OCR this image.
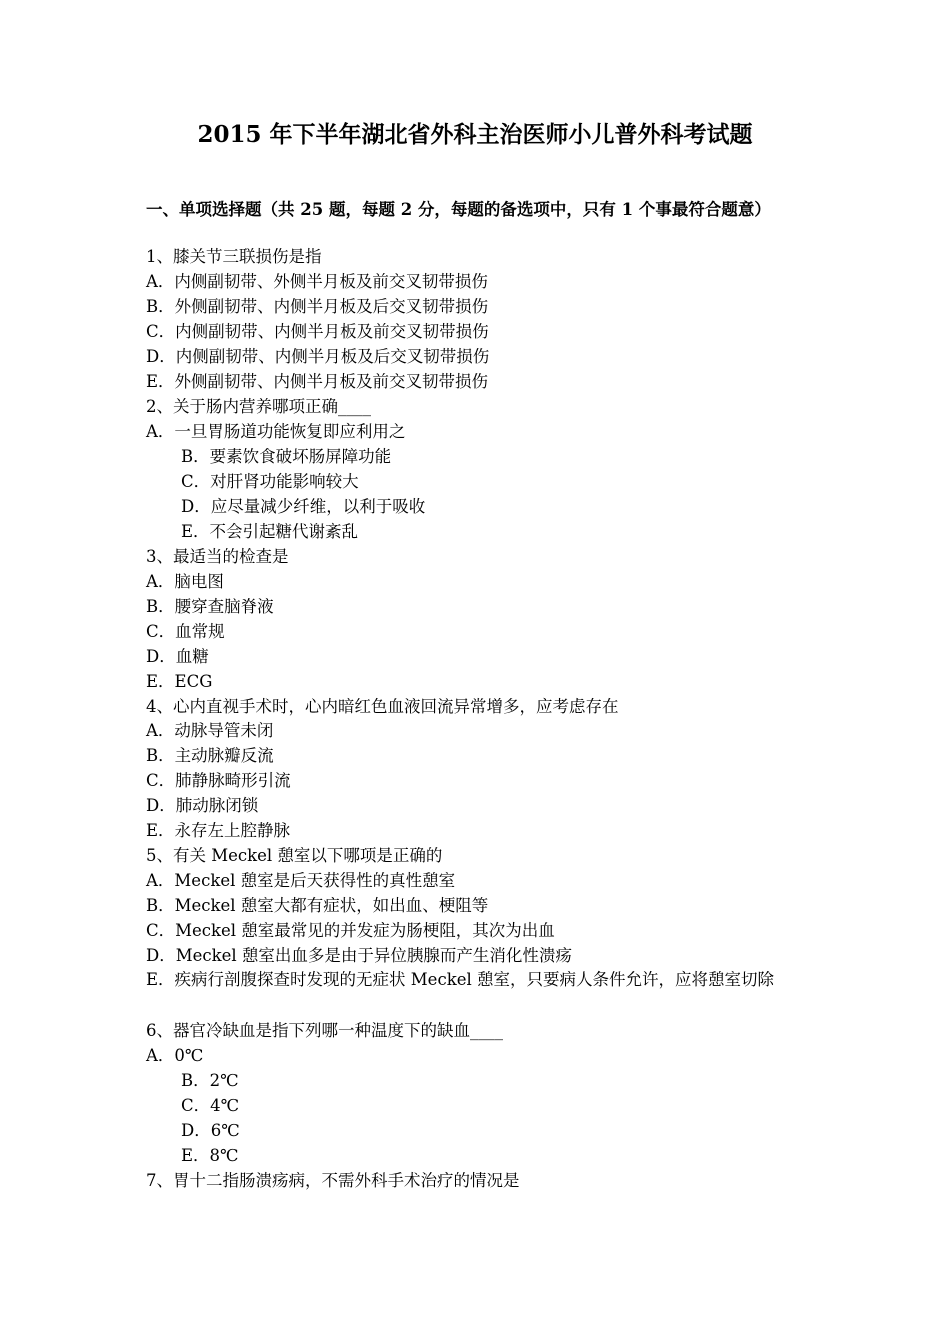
2015 年下半年湖北省外科主治医师小儿普外科考试题
一、单项选择题（共 25 题，每题 2 分，每题的备选项中，只有 1 个事最符合题意）
1、膝关节三联损伤是指
A．内侧副韧带、外侧半月板及前交叉韧带损伤
B．外侧副韧带、内侧半月板及后交叉韧带损伤
C．内侧副韧带、内侧半月板及前交叉韧带损伤
D．内侧副韧带、内侧半月板及后交叉韧带损伤
E．外侧副韧带、内侧半月板及前交叉韧带损伤
2、关于肠内营养哪项正确____
A．一旦胃肠道功能恢复即应利用之
B．要素饮食破坏肠屏障功能
C．对肝肾功能影响较大
D．应尽量减少纤维，以利于吸收
E．不会引起糖代谢紊乱
3、最适当的检查是
A．脑电图
B．腰穿查脑脊液
C．血常规
D．血糖
E．ECG
4、心内直视手术时，心内暗红色血液回流异常增多，应考虑存在
A．动脉导管未闭
B．主动脉瓣反流
C．肺静脉畸形引流
D．肺动脉闭锁
E．永存左上腔静脉
5、有关 Meckel 憩室以下哪项是正确的
A．Meckel 憩室是后天获得性的真性憩室
B．Meckel 憩室大都有症状，如出血、梗阻等
C．Meckel 憩室最常见的并发症为肠梗阻，其次为出血
D．Meckel 憩室出血多是由于异位胰腺而产生消化性溃疡
E．疾病行剖腹探查时发现的无症状 Meckel 憩室，只要病人条件允许，应将憩室切除
6、器官冷缺血是指下列哪一种温度下的缺血____
A．0℃
B．2℃
C．4℃
D．6℃
E．8℃
7、胃十二指肠溃疡病，不需外科手术治疗的情况是
